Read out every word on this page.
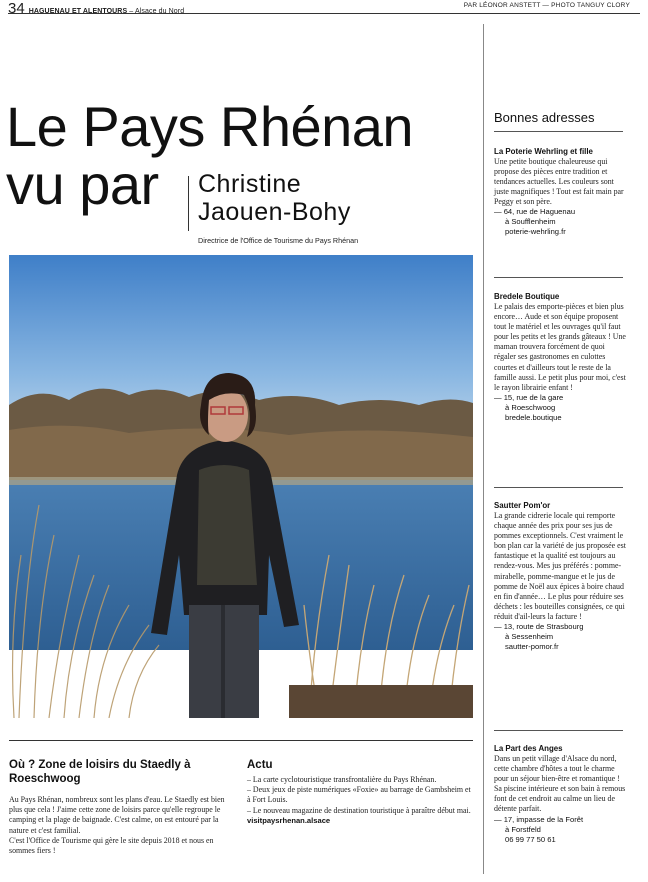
34 HAGUENAU ET ALENTOURS – Alsace du Nord
PAR LÉONOR ANSTETT — PHOTO TANGUY CLORY
Le Pays Rhénan
vu par	Christine
Jaouen-Bohy
Directrice de l'Office de Tourisme du Pays Rhénan
Où ? Zone de loisirs du Staedly à Roeschwoog
Au Pays Rhénan, nombreux sont les plans d'eau. Le Staedly est bien plus que cela ! J'aime cette zone de loisirs parce qu'elle regroupe le camping et la plage de baignade. C'est calme, on est entouré par la nature et c'est familial.
C'est l'Office de Tourisme qui gère le site depuis 2018 et nous en sommes fiers !
Actu
– La carte cyclotouristique transfrontalière du Pays Rhénan.
– Deux jeux de piste numériques «Foxie» au barrage de Gambsheim et à Fort Louis.
– Le nouveau magazine de destination touristique à paraître début mai.
visitpaysrhenan.alsace
Bonnes adresses
La Poterie Wehrling et fille
Une petite boutique chaleureuse qui propose des pièces entre tradition et tendances actuelles. Les couleurs sont juste magnifiques ! Tout est fait main par Peggy et son père.
— 64, rue de Haguenau
à Soufflenheim
poterie-wehrling.fr
Bredele Boutique
Le palais des emporte-pièces et bien plus encore… Aude et son équipe proposent tout le matériel et les ouvrages qu'il faut pour les petits et les grands gâteaux ! Une maman trouvera forcément de quoi régaler ses gastronomes en culottes courtes et d'ailleurs tout le reste de la famille aussi. Le petit plus pour moi, c'est le rayon librairie enfant !
— 15, rue de la gare
à Roeschwoog
bredele.boutique
Sautter Pom'or
La grande cidrerie locale qui remporte chaque année des prix pour ses jus de pommes exceptionnels. C'est vraiment le bon plan car la variété de jus proposée est fantastique et la qualité est toujours au rendez-vous. Mes jus préférés : pomme-mirabelle, pomme-mangue et le jus de pomme de Noël aux épices à boire chaud en fin d'année… Le plus pour réduire ses déchets : les bouteilles consignées, ce qui réduit d'ail-leurs la facture !
— 13, route de Strasbourg
à Sessenheim
sautter-pomor.fr
La Part des Anges
Dans un petit village d'Alsace du nord, cette chambre d'hôtes a tout le charme pour un séjour bien-être et romantique ! Sa piscine intérieure et son bain à remous font de cet endroit au calme un lieu de détente parfait.
— 17, impasse de la Forêt
à Forstfeld
06 99 77 50 61
